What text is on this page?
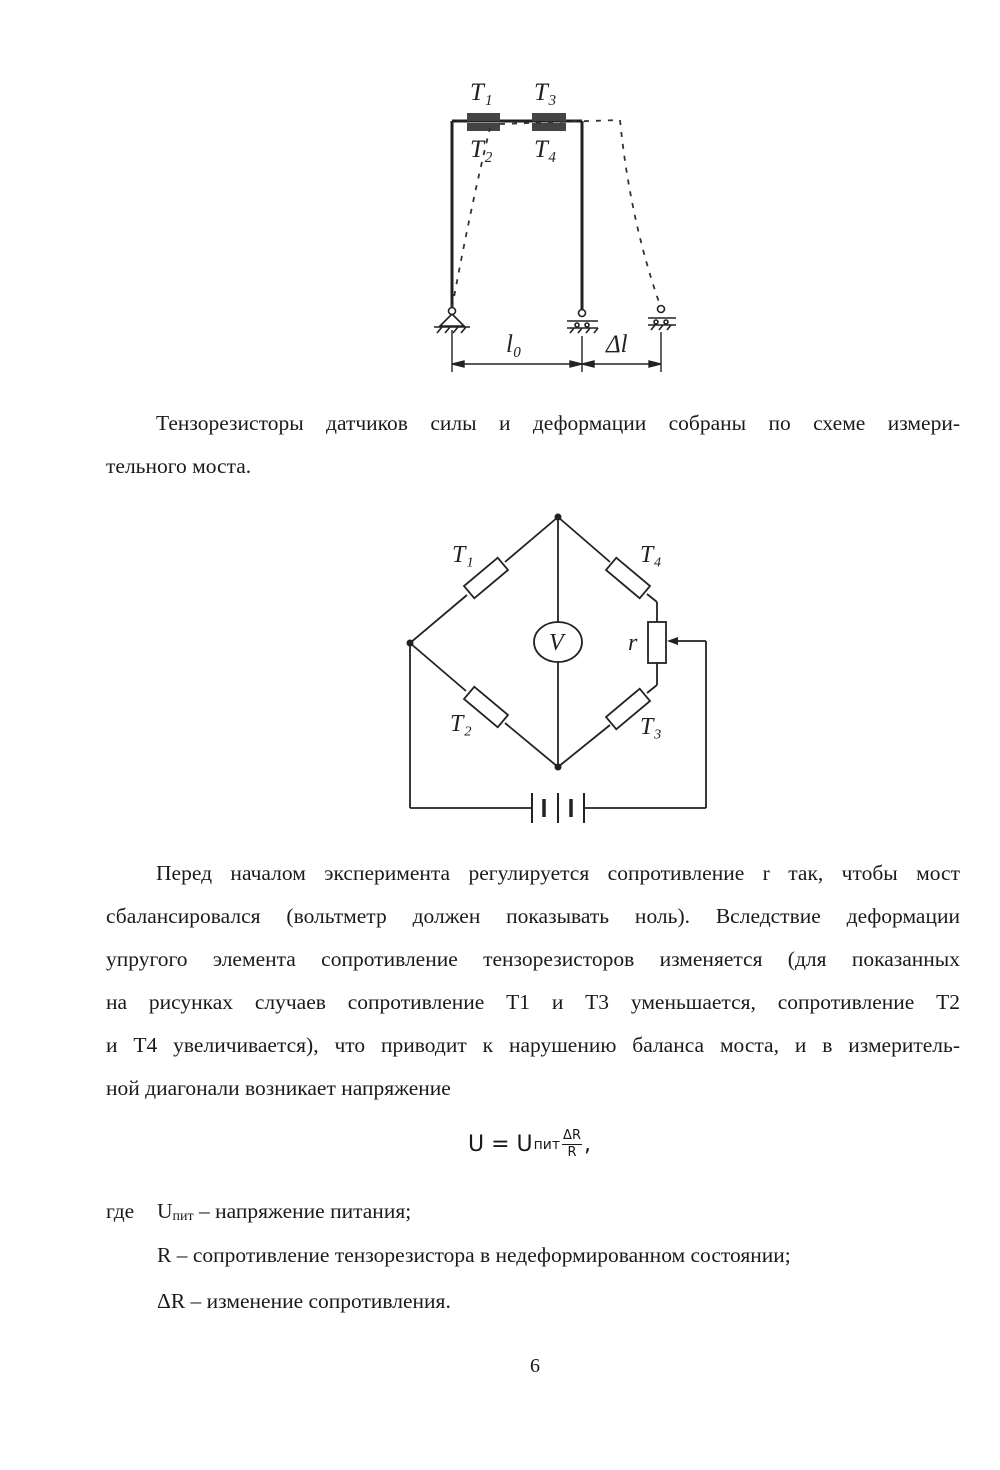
T₁ T₃
T₂ T₄
l₀	Δl
Тензорезисторы датчиков силы и деформации собраны по схеме измери-
тельного моста.
T₁	T₄
T₂	T₃
V	r
Перед началом эксперимента регулируется сопротивление r так, чтобы мост
сбалансировался (вольтметр должен показывать ноль). Вследствие деформации
упругого элемента сопротивление тензорезисторов изменяется (для показанных
на рисунках случаев сопротивление Т1 и Т3 уменьшается, сопротивление Т2
и Т4 увеличивается), что приводит к нарушению баланса моста, и в измеритель-
ной диагонали возникает напряжение
U = U пит $\frac{\Delta R}{R}$ ,
где Uпит – напряжение питания;
R – сопротивление тензорезистора в недеформированном состоянии;
ΔR – изменение сопротивления.
6
